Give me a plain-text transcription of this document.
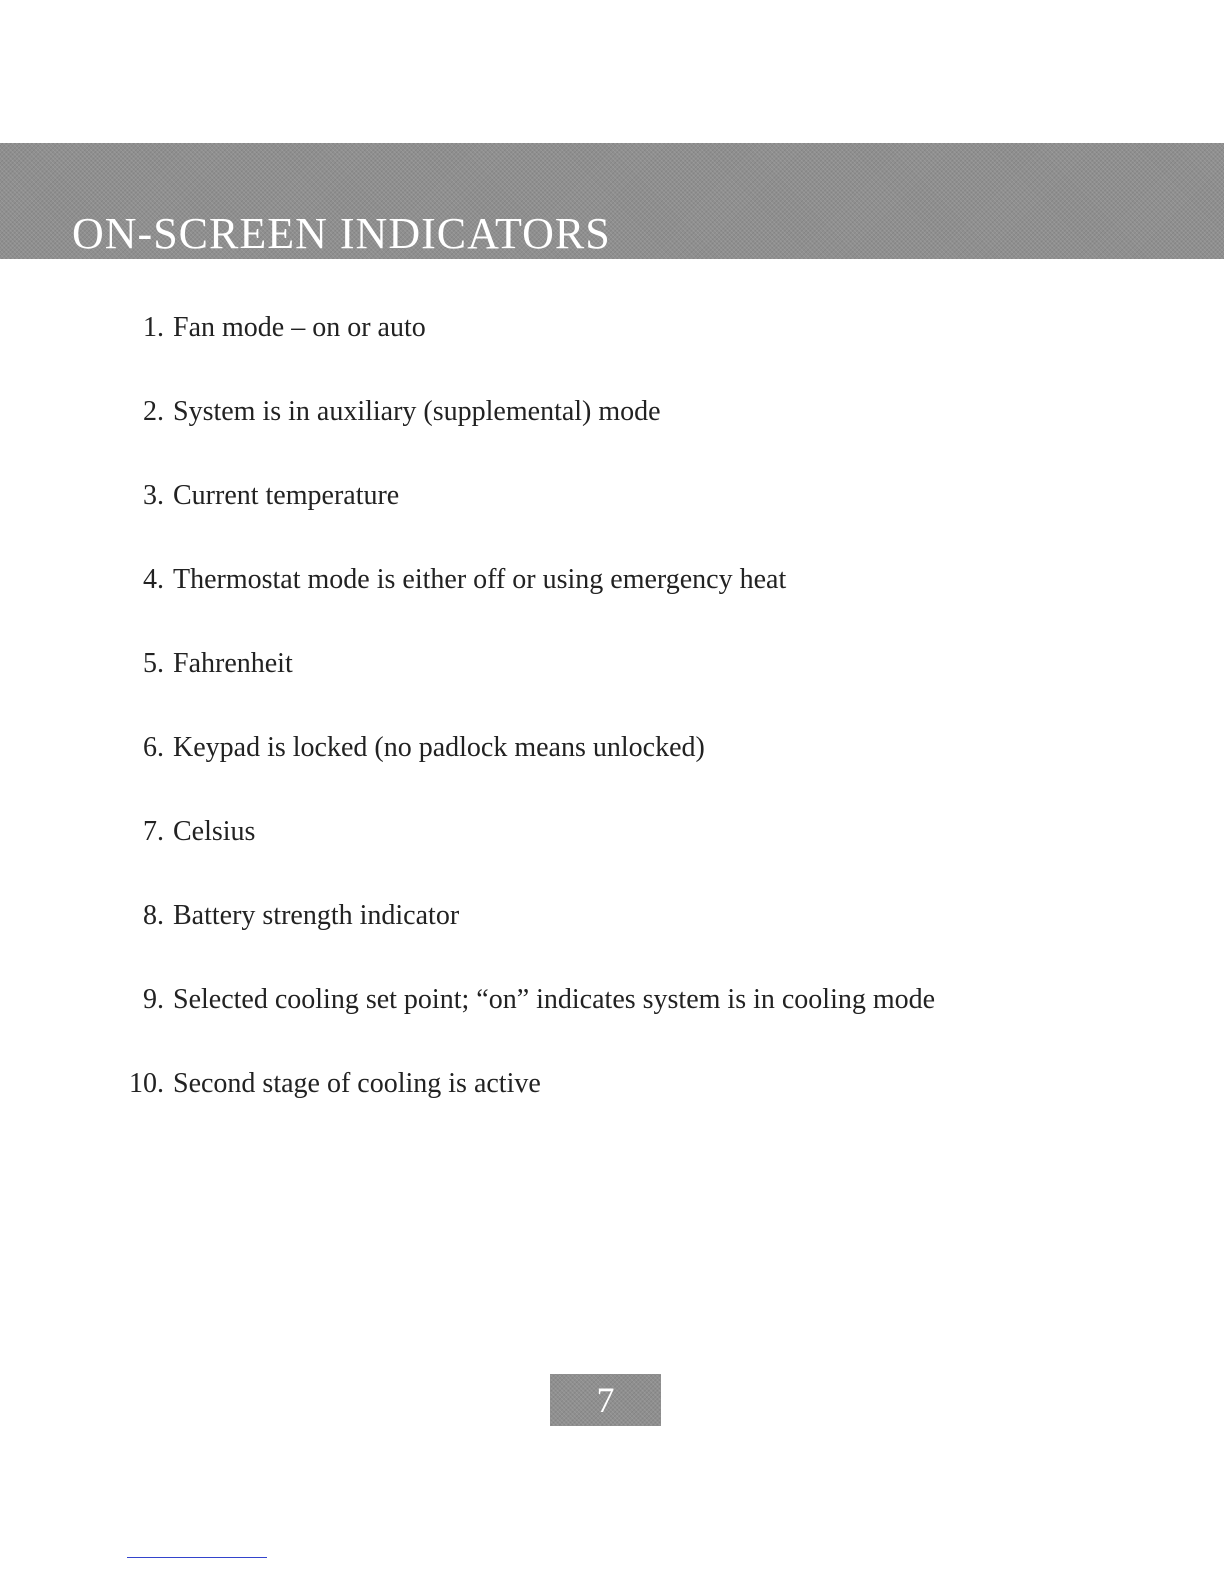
ON-SCREEN INDICATORS
1. Fan mode – on or auto
2. System is in auxiliary (supplemental) mode
3. Current temperature
4. Thermostat mode is either off or using emergency heat
5. Fahrenheit
6. Keypad is locked (no padlock means unlocked)
7. Celsius
8. Battery strength indicator
9. Selected cooling set point; “on” indicates system is in cooling mode
10. Second stage of cooling is active
7
